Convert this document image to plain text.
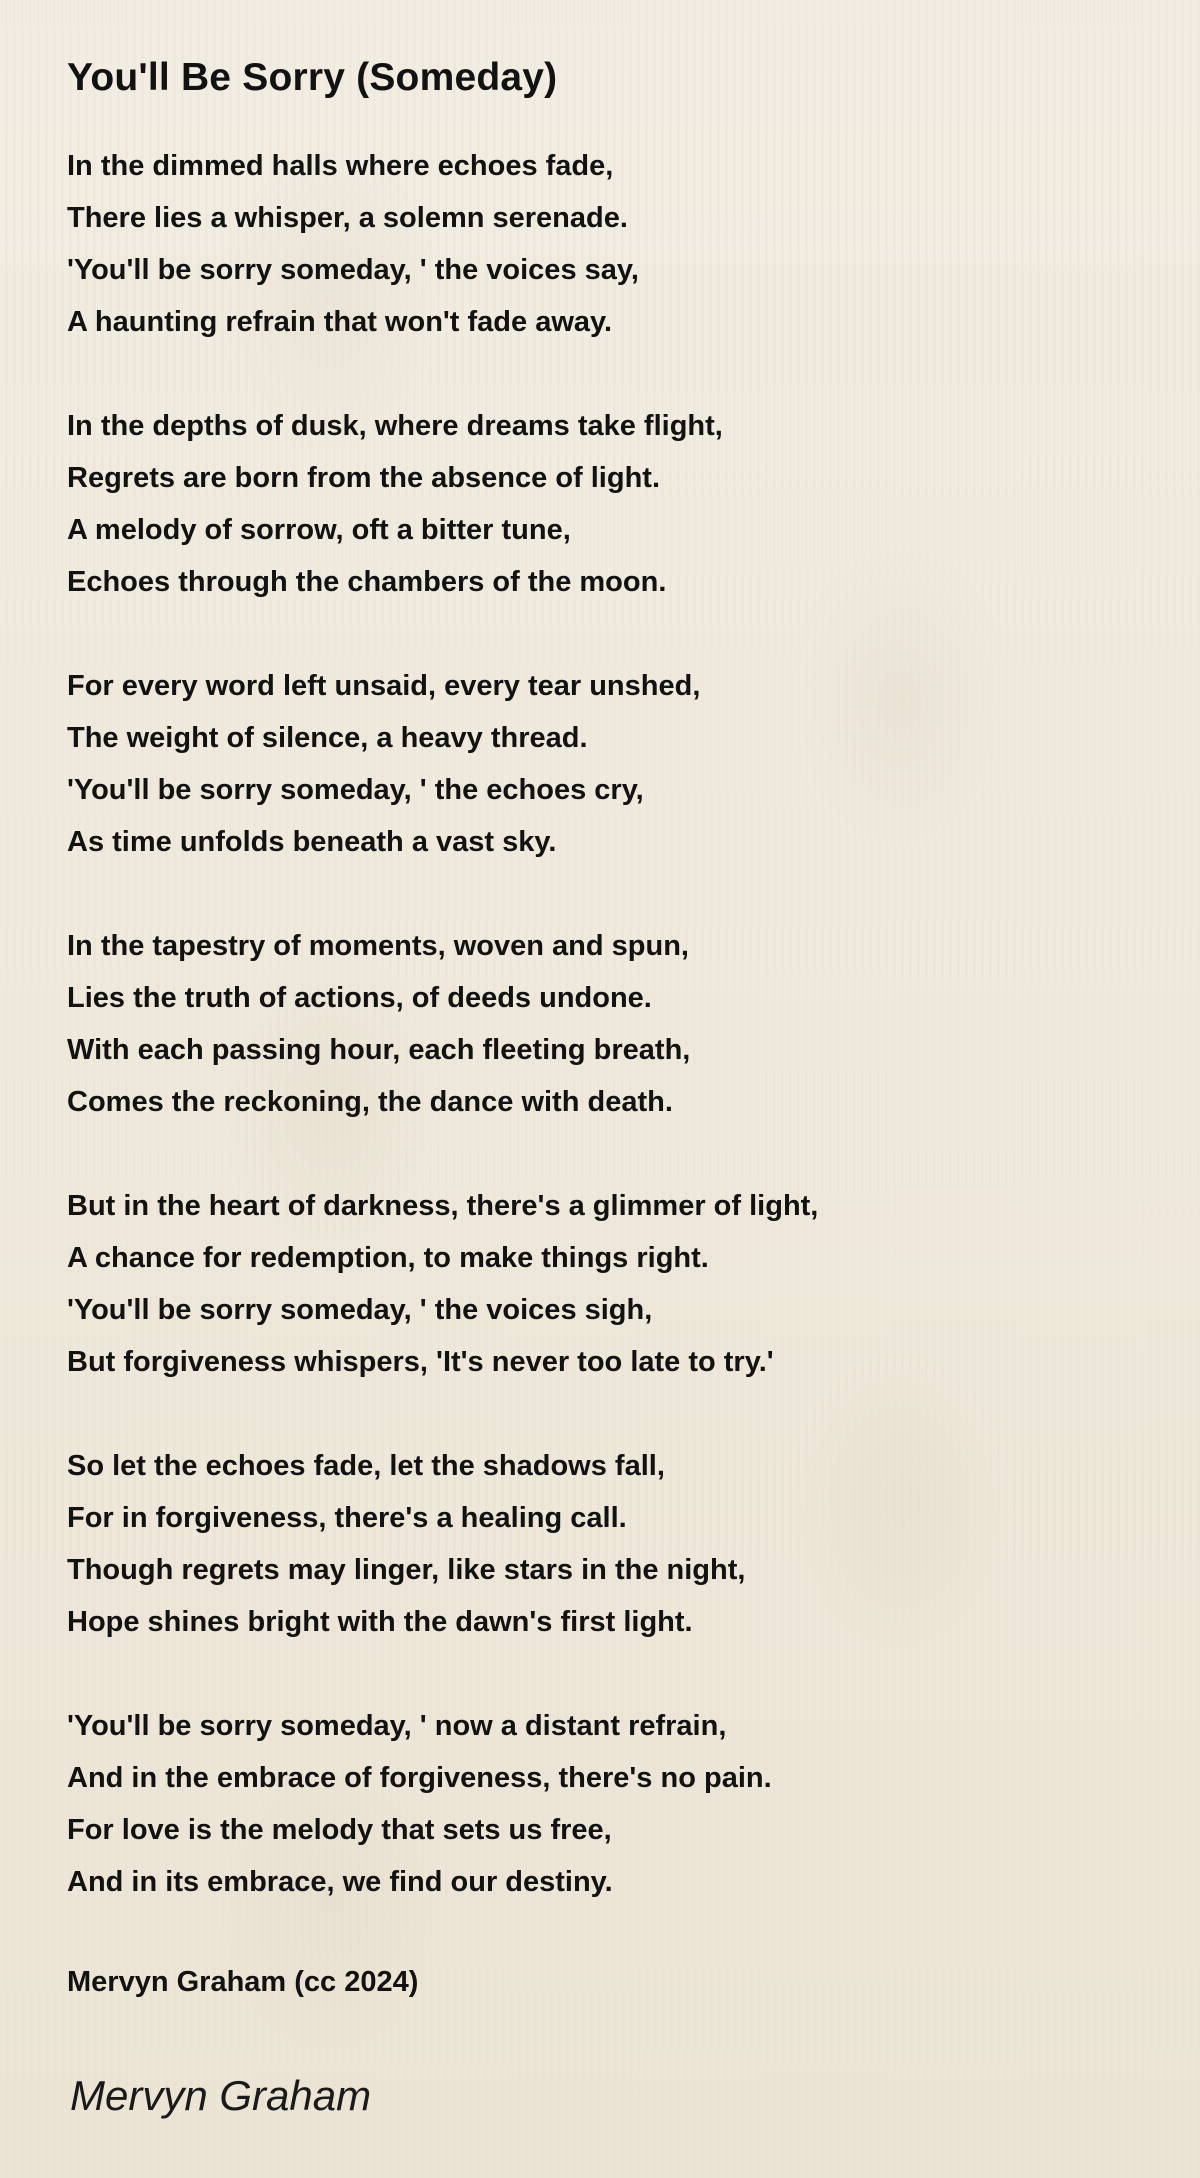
You'll Be Sorry (Someday)
In the dimmed halls where echoes fade,
There lies a whisper, a solemn serenade.
'You'll be sorry someday, ' the voices say,
A haunting refrain that won't fade away.
In the depths of dusk, where dreams take flight,
Regrets are born from the absence of light.
A melody of sorrow, oft a bitter tune,
Echoes through the chambers of the moon.
For every word left unsaid, every tear unshed,
The weight of silence, a heavy thread.
'You'll be sorry someday, ' the echoes cry,
As time unfolds beneath a vast sky.
In the tapestry of moments, woven and spun,
Lies the truth of actions, of deeds undone.
With each passing hour, each fleeting breath,
Comes the reckoning, the dance with death.
But in the heart of darkness, there's a glimmer of light,
A chance for redemption, to make things right.
'You'll be sorry someday, ' the voices sigh,
But forgiveness whispers, 'It's never too late to try.'
So let the echoes fade, let the shadows fall,
For in forgiveness, there's a healing call.
Though regrets may linger, like stars in the night,
Hope shines bright with the dawn's first light.
'You'll be sorry someday, ' now a distant refrain,
And in the embrace of forgiveness, there's no pain.
For love is the melody that sets us free,
And in its embrace, we find our destiny.
Mervyn Graham (cc 2024)
Mervyn Graham
